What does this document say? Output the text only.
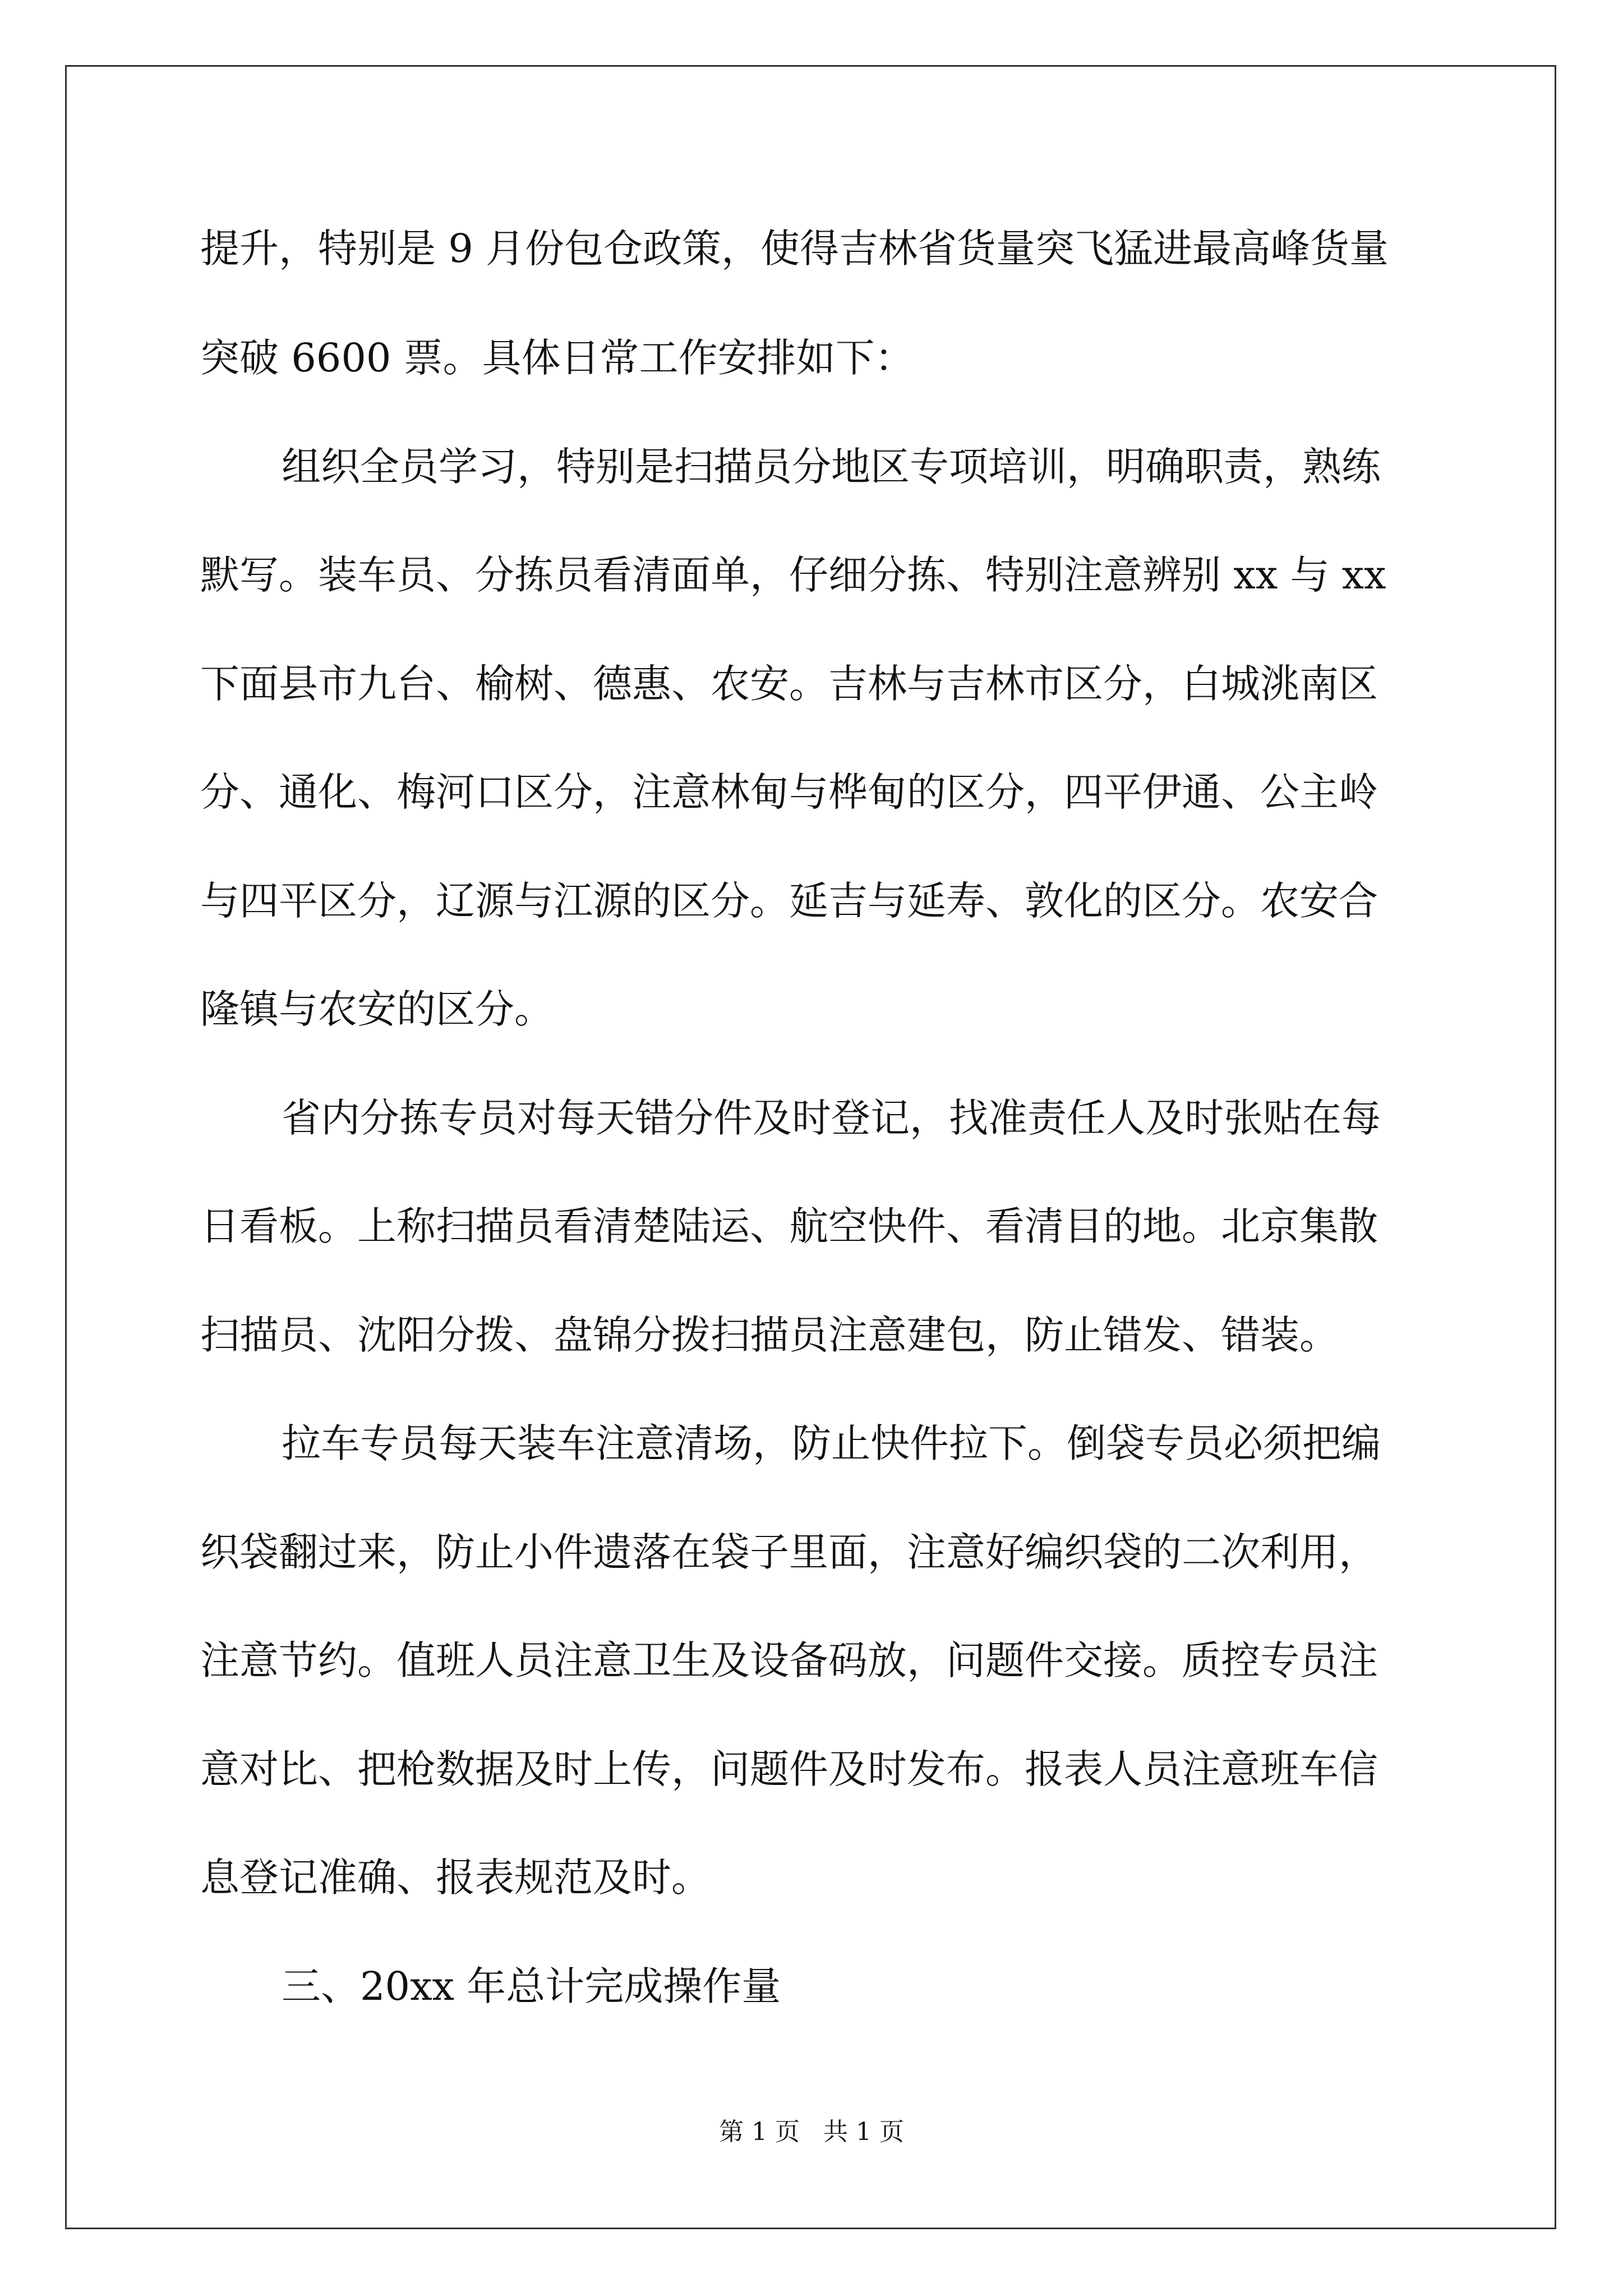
提升，特别是 9 月份包仓政策，使得吉林省货量突飞猛进最高峰货量

突破 6600 票。具体日常工作安排如下：

组织全员学习，特别是扫描员分地区专项培训，明确职责，熟练

默写。装车员、分拣员看清面单，仔细分拣、特别注意辨别 xx 与 xx

下面县市九台、榆树、德惠、农安。吉林与吉林市区分，白城洮南区

分、通化、梅河口区分，注意林甸与桦甸的区分，四平伊通、公主岭

与四平区分，辽源与江源的区分。延吉与延寿、敦化的区分。农安合

隆镇与农安的区分。

省内分拣专员对每天错分件及时登记，找准责任人及时张贴在每

日看板。上称扫描员看清楚陆运、航空快件、看清目的地。北京集散

扫描员、沈阳分拨、盘锦分拨扫描员注意建包，防止错发、错装。

拉车专员每天装车注意清场，防止快件拉下。倒袋专员必须把编

织袋翻过来，防止小件遗落在袋子里面，注意好编织袋的二次利用，

注意节约。值班人员注意卫生及设备码放，问题件交接。质控专员注

意对比、把枪数据及时上传，问题件及时发布。报表人员注意班车信

息登记准确、报表规范及时。

三、20xx 年总计完成操作量

第 1 页   共 1 页
